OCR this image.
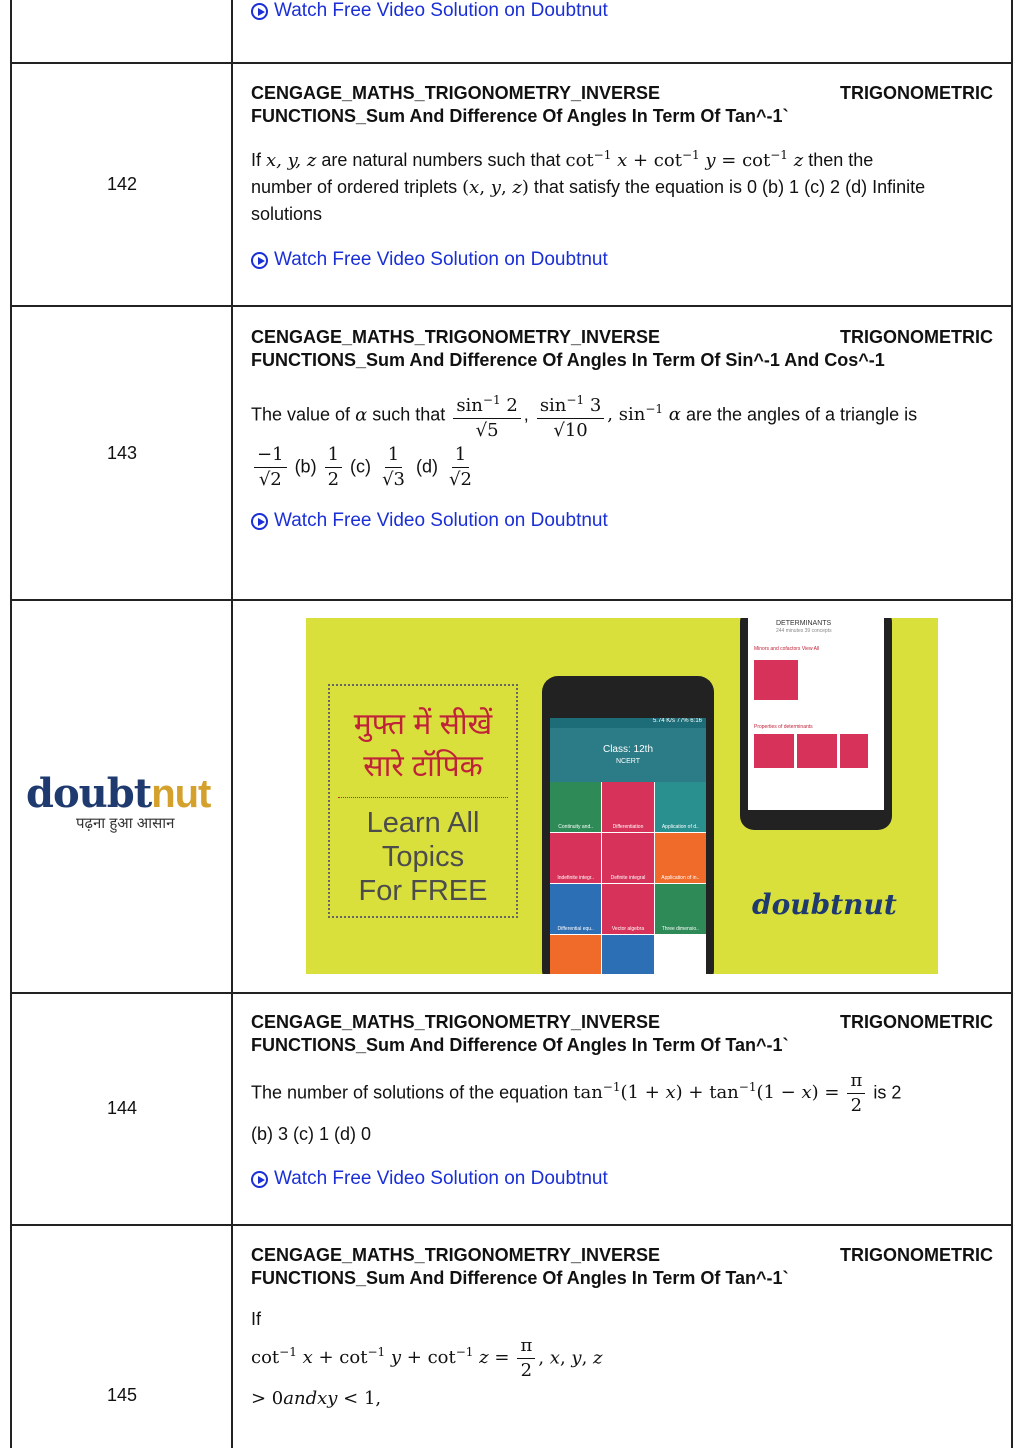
Watch Free Video Solution on Doubtnut
142
CENGAGE_MATHS_TRIGONOMETRY_INVERSE	TRIGONOMETRIC
FUNCTIONS_Sum And Difference Of Angles In Term Of Tan^-1`
If x, y, z are natural numbers such that $\cot^{-1} x + \cot^{-1} y = \cot^{-1} z$ then the
number of ordered triplets (x, y, z) that satisfy the equation is 0 (b) 1 (c) 2 (d) Infinite
solutions
Watch Free Video Solution on Doubtnut
143
CENGAGE_MATHS_TRIGONOMETRY_INVERSE	TRIGONOMETRIC
FUNCTIONS_Sum And Difference Of Angles In Term Of Sin^-1 And Cos^-1
The value of α such that $\frac{\sin^{-1} 2}{√5}$ , $\frac{\sin^{-1} 3}{√10}$ , $\sin^{-1} \alpha$ are the angles of a triangle is

$\frac{-1}{√2} (b) \frac{1}{2} (c) \frac{1}{√3} (d) \frac{1}{√2}$
Watch Free Video Solution on Doubtnut
doubtnut
पढ़ना हुआ आसान
मुफ्त में सीखें
सारे टॉपिक
Learn All
Topics
For FREE
5.74 K/s 77% 6:16
Class: 12th
NCERT
Continuity and..	Differentiation	Application of d..
Indefinite integr..	Definite integral	Application of in..
Differential equ..	Vector algebra	Three dimensio..
DETERMINANTS
244 minutes 39 concepts
Minors and cofactors View All
Properties of determinants
doubtnut
144
CENGAGE_MATHS_TRIGONOMETRY_INVERSE	TRIGONOMETRIC
FUNCTIONS_Sum And Difference Of Angles In Term Of Tan^-1`
The number of solutions of the equation $\tan^{-1}(1 + x) + \tan^{-1}(1 - x) = \frac{\pi}{2}$ is 2
(b) 3 (c) 1 (d) 0
Watch Free Video Solution on Doubtnut
145
CENGAGE_MATHS_TRIGONOMETRY_INVERSE	TRIGONOMETRIC
FUNCTIONS_Sum And Difference Of Angles In Term Of Tan^-1`
If
$\cot^{-1} x + \cot^{-1} y + \cot^{-1} z = \frac{\pi}{2}$ , x, y, z
> 0andxy < 1,
